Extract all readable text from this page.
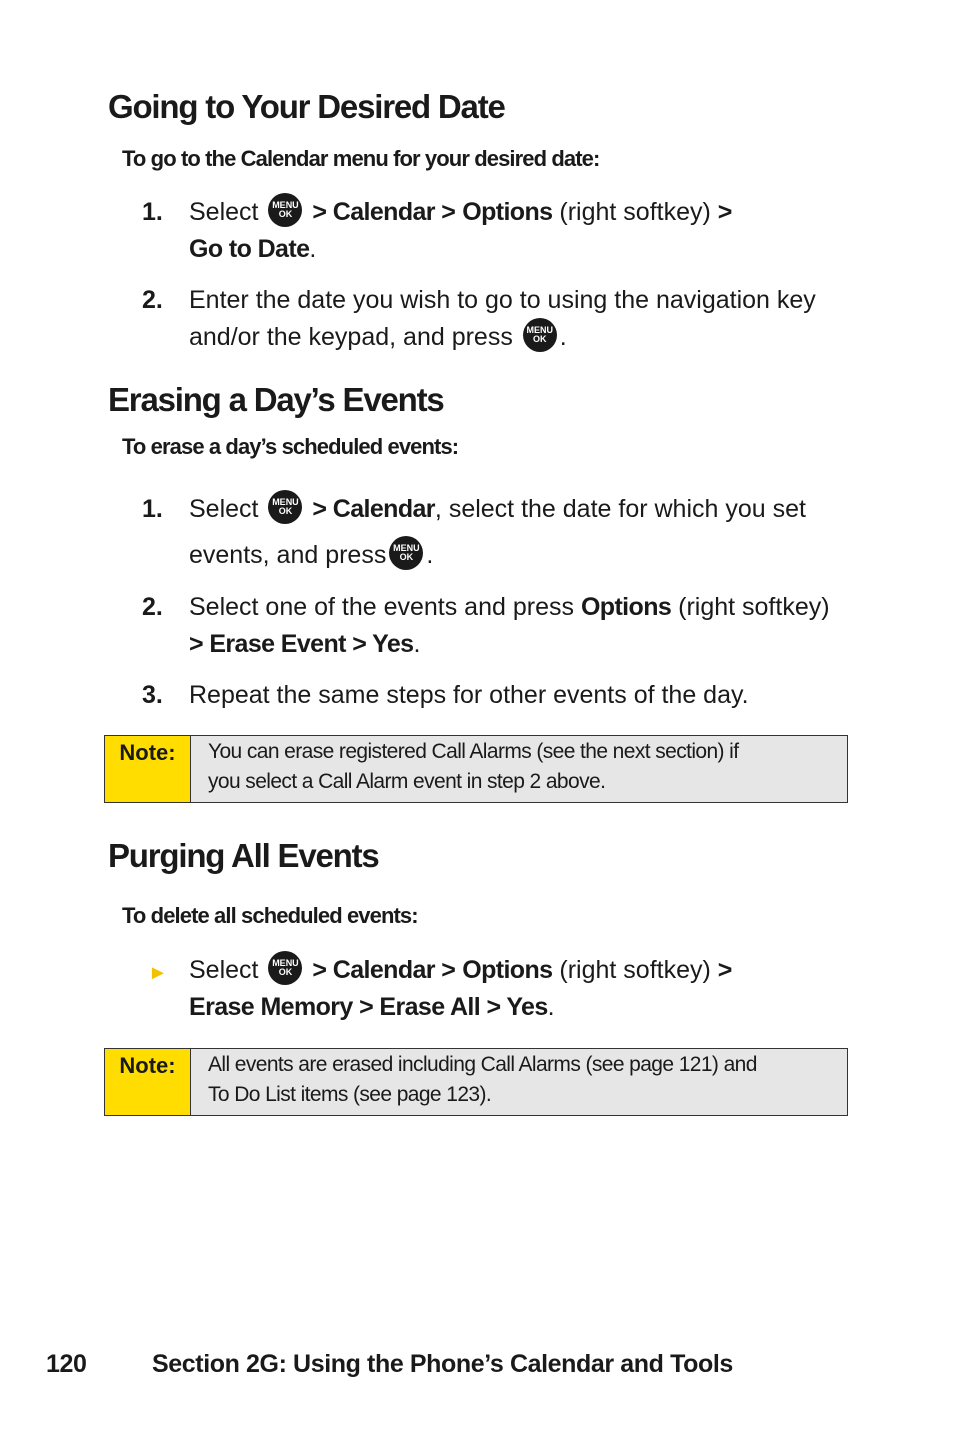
Going to Your Desired Date

To go to the Calendar menu for your desired date:

1.	Select	MENU
OK > Calendar > Options (right softkey) >
Go to Date.
2.	Enter the date you wish to go to using the navigation key
and/or the keypad, and press	MENU
OK .
Erasing a Day’s Events

To erase a day’s scheduled events:

1.	Select	MENU
OK > Calendar, select the date for which you set
events, and press MENU
OK .
2.	Select one of the events and press Options (right softkey)
> Erase Event > Yes.
3.	Repeat the same steps for other events of the day.
Note:	You can erase registered Call Alarms (see the next section) if
you select a Call Alarm event in step 2 above.
Purging All Events

To delete all scheduled events:

► Select	MENU
OK > Calendar > Options (right softkey) >
Erase Memory > Erase All > Yes.
Note:	All events are erased including Call Alarms (see page 121) and
To Do List items (see page 123).
120	Section 2G: Using the Phone’s Calendar and Tools
